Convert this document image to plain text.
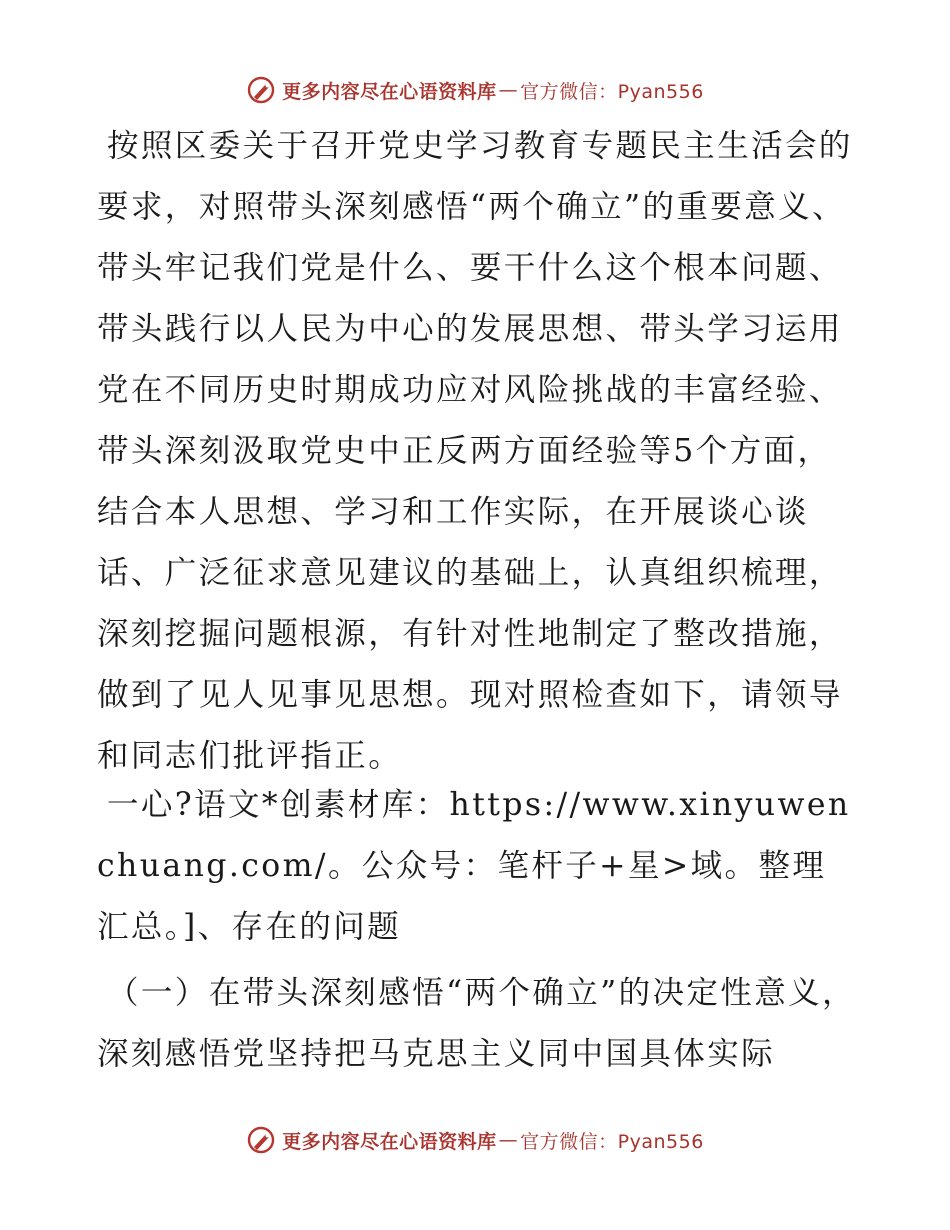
更多内容尽在心语资料库 — 官方微信：Pyan556

按照区委关于召开党史学习教育专题民主生活会的要求，对照带头深刻感悟“两个确立”的重要意义、带头牢记我们党是什么、要干什么这个根本问题、带头践行以人民为中心的发展思想、带头学习运用党在不同历史时期成功应对风险挑战的丰富经验、带头深刻汲取党史中正反两方面经验等5个方面，结合本人思想、学习和工作实际，在开展谈心谈话、广泛征求意见建议的基础上，认真组织梳理，深刻挖掘问题根源，有针对性地制定了整改措施，做到了见人见事见思想。现对照检查如下，请领导和同志们批评指正。

一心?语文*创素材库：https://www.xinyuwenchuang.com/。公众号：笔杆子+星>域。整理汇总。]、存在的问题

（一）在带头深刻感悟“两个确立”的决定性意义，深刻感悟党坚持把马克思主义同中国具体实际

更多内容尽在心语资料库 — 官方微信：Pyan556
